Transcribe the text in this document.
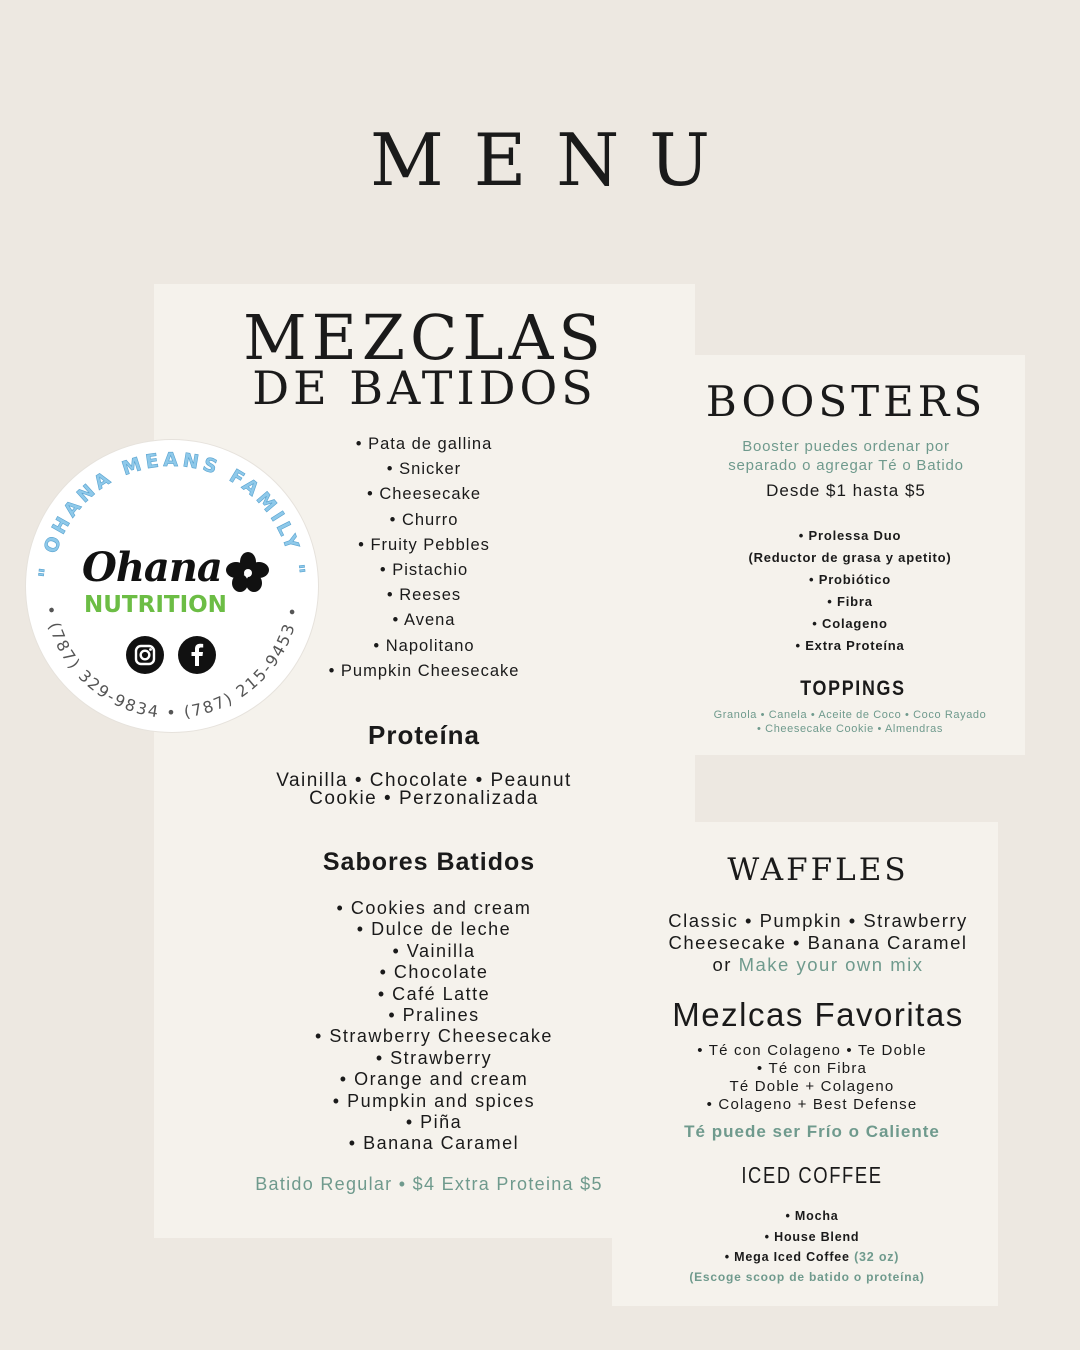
MENU
MEZCLAS
DE BATIDOS
• Pata de gallina
• Snicker
• Cheesecake
• Churro
• Fruity Pebbles
• Pistachio
• Reeses
• Avena
• Napolitano
• Pumpkin Cheesecake
Proteína
Vainilla • Chocolate • Peaunut
Cookie • Perzonalizada
Sabores Batidos
• Cookies and cream
• Dulce de leche
• Vainilla
• Chocolate
• Café Latte
• Pralines
• Strawberry Cheesecake
• Strawberry
• Orange and cream
• Pumpkin and spices
• Piña
• Banana Caramel
Batido Regular • $4 Extra Proteina $5
BOOSTERS
Booster puedes ordenar por
separado o agregar Té o Batido
Desde $1 hasta $5
• Prolessa Duo
(Reductor de grasa y apetito)
• Probiótico
• Fibra
• Colageno
• Extra Proteína
TOPPINGS
Granola • Canela • Aceite de Coco • Coco Rayado
• Cheesecake Cookie • Almendras
WAFFLES
Classic • Pumpkin • Strawberry
Cheesecake • Banana Caramel
or Make your own mix
Mezlcas Favoritas
• Té con Colageno • Te Doble
• Té con Fibra
Té Doble + Colageno
• Colageno + Best Defense
Té puede ser Frío o Caliente
ICED COFFEE
• Mocha
• House Blend
• Mega Iced Coffee (32 oz)
(Escoge scoop de batido o proteína)
" OHANA MEANS FAMILY "
• (787) 329-9834 • (787) 215-9453 •
Ohana
NUTRITION
